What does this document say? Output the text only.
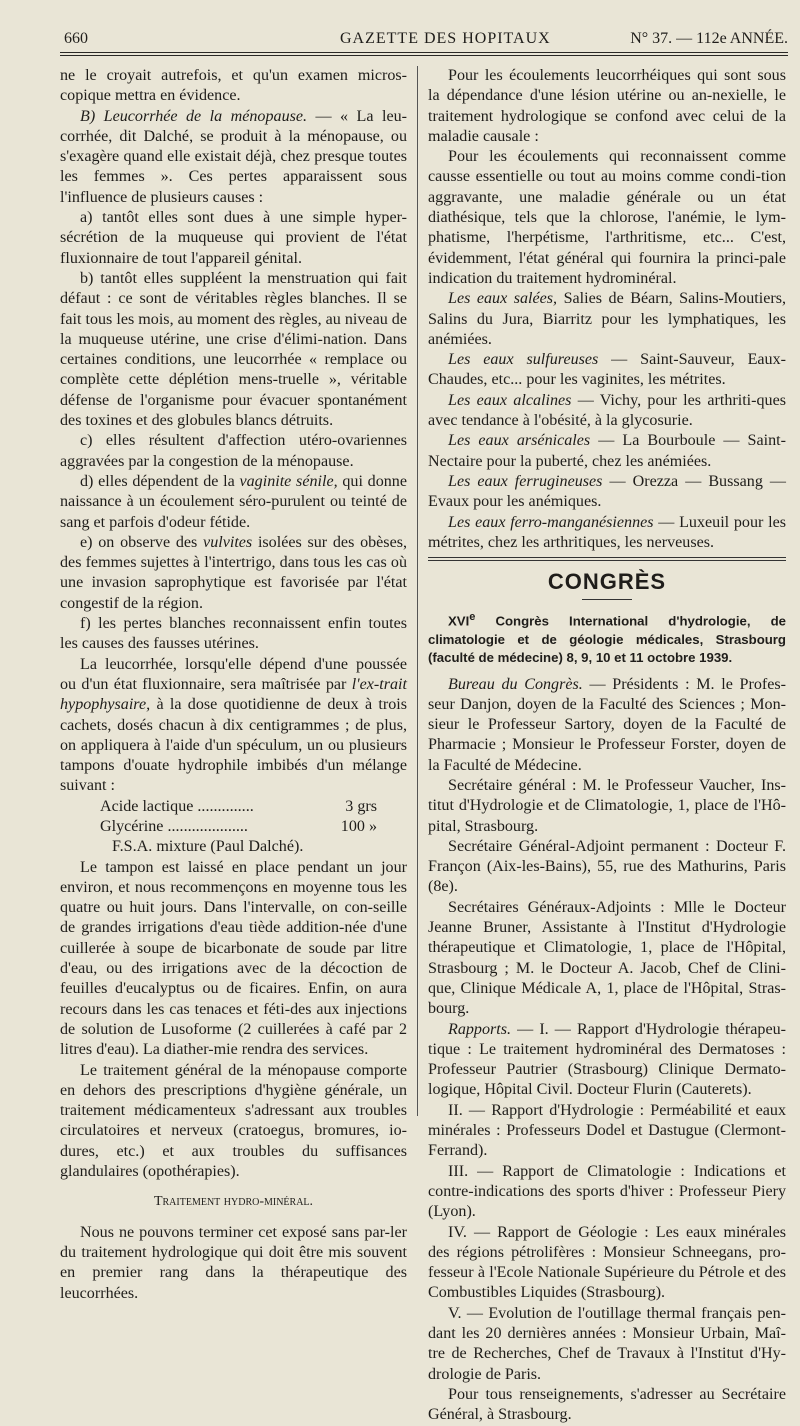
660	GAZETTE DES HOPITAUX	N° 37. — 112e ANNÉE.

ne le croyait autrefois, et qu'un examen micros-copique mettra en évidence.

B) Leucorrhée de la ménopause. — « La leu-corrhée, dit Dalché, se produit à la ménopause, ou s'exagère quand elle existait déjà, chez presque toutes les femmes ». Ces pertes apparaissent sous l'influence de plusieurs causes :

a) tantôt elles sont dues à une simple hyper-sécrétion de la muqueuse qui provient de l'état fluxionnaire de tout l'appareil génital.

b) tantôt elles suppléent la menstruation qui fait défaut : ce sont de véritables règles blanches. Il se fait tous les mois, au moment des règles, au niveau de la muqueuse utérine, une crise d'élimi-nation. Dans certaines conditions, une leucorrhée « remplace ou complète cette déplétion mens-truelle », véritable défense de l'organisme pour évacuer spontanément des toxines et des globules blancs détruits.

c) elles résultent d'affection utéro-ovariennes aggravées par la congestion de la ménopause.

d) elles dépendent de la vaginite sénile, qui donne naissance à un écoulement séro-purulent ou teinté de sang et parfois d'odeur fétide.

e) on observe des vulvites isolées sur des obèses, des femmes sujettes à l'intertrigo, dans tous les cas où une invasion saprophytique est favorisée par l'état congestif de la région.

f) les pertes blanches reconnaissent enfin toutes les causes des fausses utérines.

La leucorrhée, lorsqu'elle dépend d'une poussée ou d'un état fluxionnaire, sera maîtrisée par l'ex-trait hypophysaire, à la dose quotidienne de deux à trois cachets, dosés chacun à dix centigrammes ; de plus, on appliquera à l'aide d'un spéculum, un ou plusieurs tampons d'ouate hydrophile imbibés d'un mélange suivant :

Acide lactique ..............	3 grs
Glycérine ....................	100 »

F.S.A. mixture (Paul Dalché).

Le tampon est laissé en place pendant un jour environ, et nous recommençons en moyenne tous les quatre ou huit jours. Dans l'intervalle, on con-seille de grandes irrigations d'eau tiède addition-née d'une cuillerée à soupe de bicarbonate de soude par litre d'eau, ou des irrigations avec de la décoction de feuilles d'eucalyptus ou de ficaires. Enfin, on aura recours dans les cas tenaces et féti-des aux injections de solution de Lusoforme (2 cuillerées à café par 2 litres d'eau). La diather-mie rendra des services.

Le traitement général de la ménopause comporte en dehors des prescriptions d'hygiène générale, un traitement médicamenteux s'adressant aux troubles circulatoires et nerveux (cratoegus, bromures, io-dures, etc.) et aux troubles du suffisances glandulaires (opothérapies).

Traitement hydro-minéral.

Nous ne pouvons terminer cet exposé sans par-ler du traitement hydrologique qui doit être mis souvent en premier rang dans la thérapeutique des leucorrhées.

Pour les écoulements leucorrhéiques qui sont sous la dépendance d'une lésion utérine ou an-nexielle, le traitement hydrologique se confond avec celui de la maladie causale :

Pour les écoulements qui reconnaissent comme causse essentielle ou tout au moins comme condi-tion aggravante, une maladie générale ou un état diathésique, tels que la chlorose, l'anémie, le lym-phatisme, l'herpétisme, l'arthritisme, etc... C'est, évidemment, l'état général qui fournira la princi-pale indication du traitement hydrominéral.

Les eaux salées, Salies de Béarn, Salins-Moutiers, Salins du Jura, Biarritz pour les lymphatiques, les anémiées.

Les eaux sulfureuses — Saint-Sauveur, Eaux-Chaudes, etc... pour les vaginites, les métrites.

Les eaux alcalines — Vichy, pour les arthriti-ques avec tendance à l'obésité, à la glycosurie.

Les eaux arsénicales — La Bourboule — Saint-Nectaire pour la puberté, chez les anémiées.

Les eaux ferrugineuses — Orezza — Bussang — Evaux pour les anémiques.

Les eaux ferro-manganésiennes — Luxeuil pour les métrites, chez les arthritiques, les nerveuses.

CONGRÈS

XVIe Congrès International d'hydrologie, de climatologie et de géologie médicales, Strasbourg (faculté de médecine) 8, 9, 10 et 11 octobre 1939.

Bureau du Congrès. — Présidents : M. le Profes-seur Danjon, doyen de la Faculté des Sciences ; Mon-sieur le Professeur Sartory, doyen de la Faculté de Pharmacie ; Monsieur le Professeur Forster, doyen de la Faculté de Médecine.

Secrétaire général : M. le Professeur Vaucher, Ins-titut d'Hydrologie et de Climatologie, 1, place de l'Hô-pital, Strasbourg.

Secrétaire Général-Adjoint permanent : Docteur F. Françon (Aix-les-Bains), 55, rue des Mathurins, Paris (8e).

Secrétaires Généraux-Adjoints : Mlle le Docteur Jeanne Bruner, Assistante à l'Institut d'Hydrologie thérapeutique et Climatologie, 1, place de l'Hôpital, Strasbourg ; M. le Docteur A. Jacob, Chef de Clini-que, Clinique Médicale A, 1, place de l'Hôpital, Stras-bourg.

Rapports. — I. — Rapport d'Hydrologie thérapeu-tique : Le traitement hydrominéral des Dermatoses : Professeur Pautrier (Strasbourg) Clinique Dermato-logique, Hôpital Civil. Docteur Flurin (Cauterets).

II. — Rapport d'Hydrologie : Perméabilité et eaux minérales : Professeurs Dodel et Dastugue (Clermont-Ferrand).

III. — Rapport de Climatologie : Indications et contre-indications des sports d'hiver : Professeur Piery (Lyon).

IV. — Rapport de Géologie : Les eaux minérales des régions pétrolifères : Monsieur Schneegans, pro-fesseur à l'Ecole Nationale Supérieure du Pétrole et des Combustibles Liquides (Strasbourg).

V. — Evolution de l'outillage thermal français pen-dant les 20 dernières années : Monsieur Urbain, Maî-tre de Recherches, Chef de Travaux à l'Institut d'Hy-drologie de Paris.

Pour tous renseignements, s'adresser au Secrétaire Général, à Strasbourg.
